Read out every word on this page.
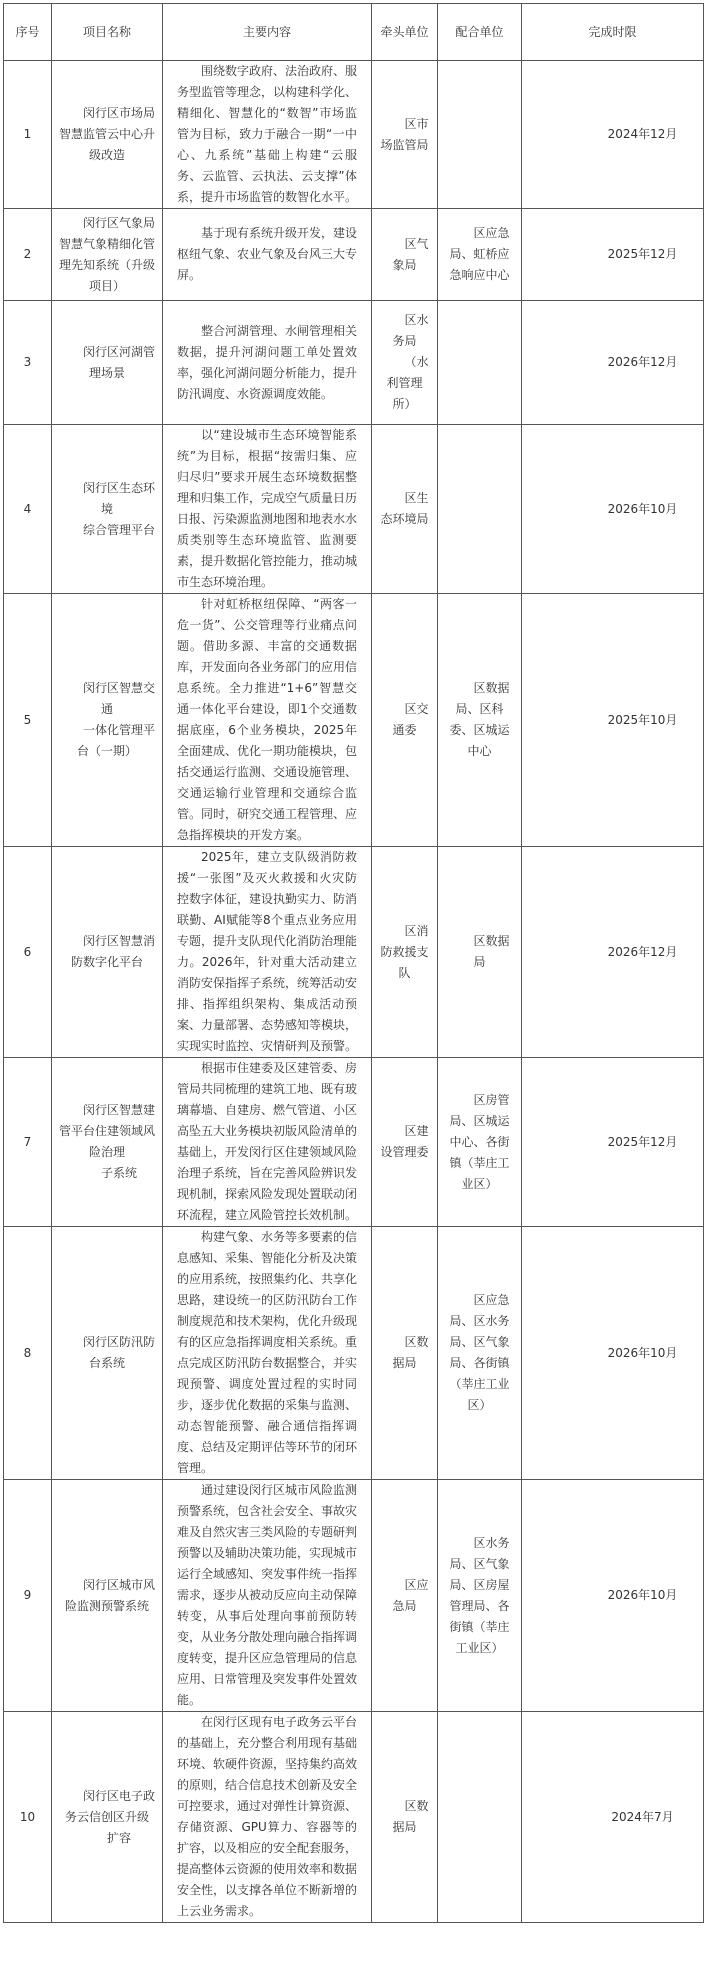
序号	项目名称	主要内容	牵头单位	配合单位	完成时限
1	闵行区市场局智慧监管云中心升级改造	围绕数字政府、法治政府、服务型监管等理念，以构建科学化、精细化、智慧化的“数智”市场监管为目标，致力于融合一期“一中心、九系统”基础上构建“云服务、云监管、云执法、云支撑”体系，提升市场监管的数智化水平。	区市场监管局		2024年12月

2	闵行区气象局智慧气象精细化管理先知系统（升级项目）	基于现有系统升级开发，建设枢纽气象、农业气象及台风三大专屏。	区气象局	区应急局、虹桥应急响应中心	2025年12月

3	闵行区河湖管理场景	整合河湖管理、水闸管理相关数据，提升河湖问题工单处置效率，强化河湖问题分析能力，提升防汛调度、水资源调度效能。	区水务局
（水利管理所）		2026年12月

4	闵行区生态环境
综合管理平台	以“建设城市生态环境智能系统”为目标，根据“按需归集、应归尽归”要求开展生态环境数据整理和归集工作，完成空气质量日历日报、污染源监测地图和地表水水质类别等生态环境监管、监测要素，提升数据化管控能力，推动城市生态环境治理。	区生态环境局		2026年10月

5	闵行区智慧交通
一体化管理平台（一期）	针对虹桥枢纽保障、“两客一危一货”、公交管理等行业痛点问题。借助多源、丰富的交通数据库，开发面向各业务部门的应用信息系统。全力推进“1+6”智慧交通一体化平台建设，即1个交通数据底座，6个业务模块，2025年全面建成、优化一期功能模块，包括交通运行监测、交通设施管理、交通运输行业管理和交通综合监管。同时，研究交通工程管理、应急指挥模块的开发方案。	区交通委	区数据局、区科委、区城运中心	2025年10月

6	闵行区智慧消防数字化平台	2025年，建立支队级消防救援“一张图”及灭火救援和火灾防控数字体征，建设执勤实力、防消联勤、AI赋能等8个重点业务应用专题，提升支队现代化消防治理能力。2026年，针对重大活动建立消防安保指挥子系统，统筹活动安排、指挥组织架构、集成活动预案、力量部署、态势感知等模块，实现实时监控、灾情研判及预警。	区消防救援支队	区数据局	2026年12月

7	闵行区智慧建管平台住建领域风险治理
子系统	根据市住建委及区建管委、房管局共同梳理的建筑工地、既有玻璃幕墙、自建房、燃气管道、小区高坠五大业务模块初版风险清单的基础上，开发闵行区住建领域风险治理子系统，旨在完善风险辨识发现机制，探索风险发现处置联动闭环流程，建立风险管控长效机制。	区建设管理委	区房管局、区城运中心、各街镇（莘庄工业区）	2025年12月

8	闵行区防汛防台系统	构建气象、水务等多要素的信息感知、采集、智能化分析及决策的应用系统，按照集约化、共享化思路，建设统一的区防汛防台工作制度规范和技术架构，优化升级现有的区应急指挥调度相关系统。重点完成区防汛防台数据整合，并实现预警、调度处置过程的实时同步，逐步优化数据的采集与监测、动态智能预警、融合通信指挥调度、总结及定期评估等环节的闭环管理。	区数据局	区应急局、区水务局、区气象局、各街镇（莘庄工业区）	2026年10月

9	闵行区城市风险监测预警系统	通过建设闵行区城市风险监测预警系统，包含社会安全、事故灾难及自然灾害三类风险的专题研判预警以及辅助决策功能，实现城市运行全域感知、突发事件统一指挥需求，逐步从被动反应向主动保障转变，从事后处理向事前预防转变，从业务分散处理向融合指挥调度转变，提升区应急管理局的信息应用、日常管理及突发事件处置效能。	区应急局	区水务局、区气象局、区房屋管理局、各街镇（莘庄工业区）	2026年10月

10	闵行区电子政务云信创区升级
扩容	在闵行区现有电子政务云平台的基础上，充分整合利用现有基础环境、软硬件资源，坚持集约高效的原则，结合信息技术创新及安全可控要求，通过对弹性计算资源、存储资源、GPU算力、容器等的扩容，以及相应的安全配套服务，提高整体云资源的使用效率和数据安全性，以支撑各单位不断新增的上云业务需求。	区数据局		2024年7月
